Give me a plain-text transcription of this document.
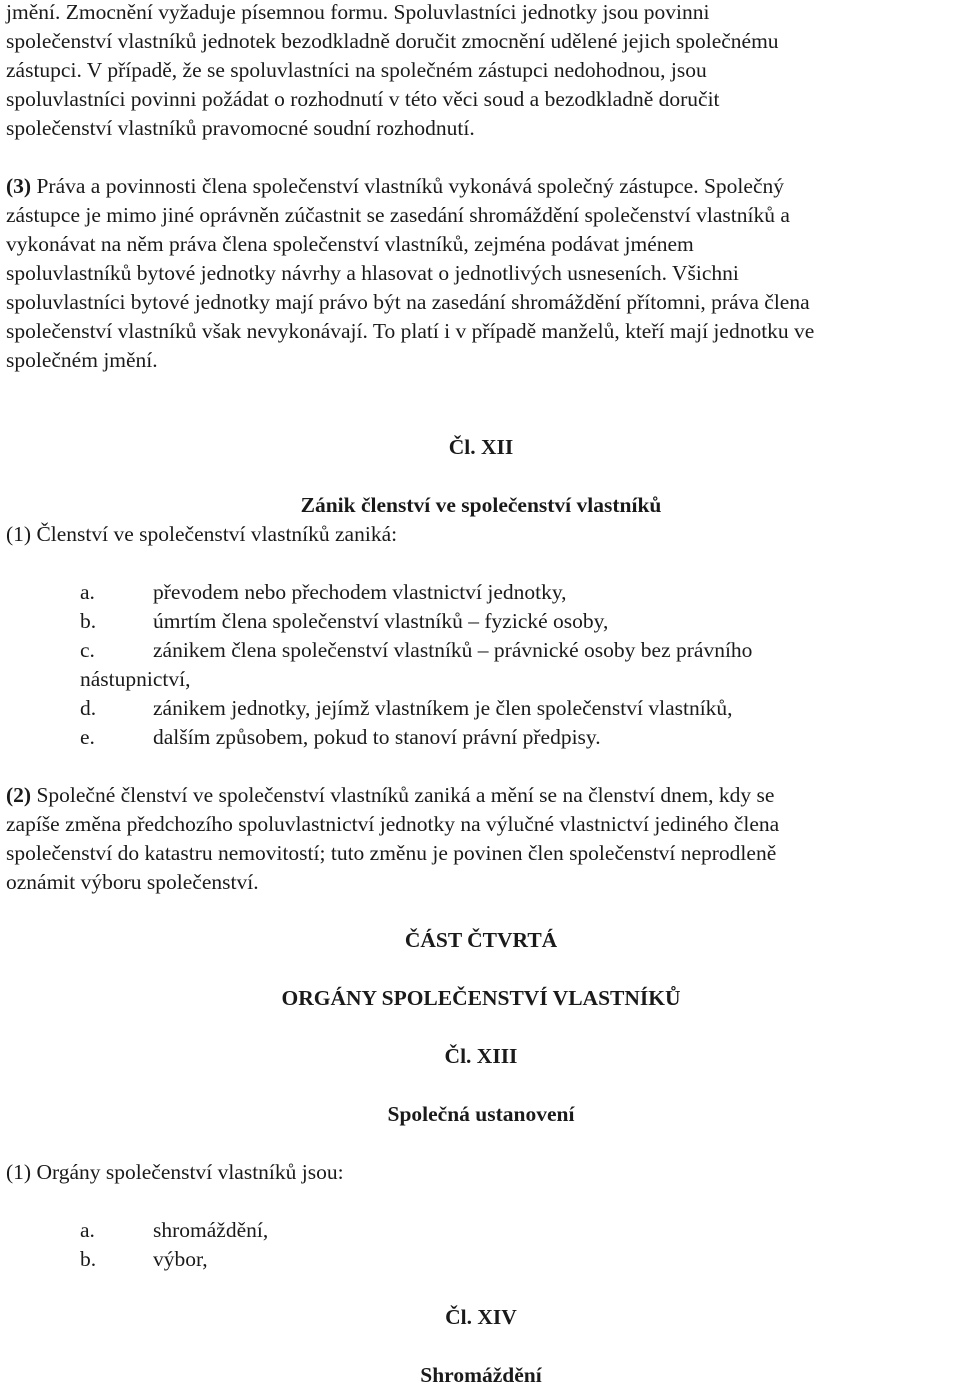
jmění. Zmocnění vyžaduje písemnou formu. Spoluvlastníci jednotky jsou povinni

společenství vlastníků jednotek bezodkladně doručit zmocnění udělené jejich společnému

zástupci. V případě, že se spoluvlastníci na společném zástupci nedohodnou, jsou

spoluvlastníci povinni požádat o rozhodnutí v této věci soud a bezodkladně doručit

společenství vlastníků pravomocné soudní rozhodnutí.

(3) Práva a povinnosti člena společenství vlastníků vykonává společný zástupce. Společný

zástupce je mimo jiné oprávněn zúčastnit se zasedání shromáždění společenství vlastníků a

vykonávat na něm práva člena společenství vlastníků, zejména podávat jménem

spoluvlastníků bytové jednotky návrhy a hlasovat o jednotlivých usneseních. Všichni

spoluvlastníci bytové jednotky mají právo být na zasedání shromáždění přítomni, práva člena

společenství vlastníků však nevykonávají. To platí i v případě manželů, kteří mají jednotku ve

společném jmění.

Čl. XII

Zánik členství ve společenství vlastníků

(1) Členství ve společenství vlastníků zaniká:

a.	převodem nebo přechodem vlastnictví jednotky,
b.	úmrtím člena společenství vlastníků – fyzické osoby,
c.	zánikem člena společenství vlastníků – právnické osoby bez právního
nástupnictví,
d.	zánikem jednotky, jejímž vlastníkem je člen společenství vlastníků,
e.	dalším způsobem, pokud to stanoví právní předpisy.

(2) Společné členství ve společenství vlastníků zaniká a mění se na členství dnem, kdy se

zapíše změna předchozího spoluvlastnictví jednotky na výlučné vlastnictví jediného člena

společenství do katastru nemovitostí; tuto změnu je povinen člen společenství neprodleně

oznámit výboru společenství.

ČÁST ČTVRTÁ

ORGÁNY SPOLEČENSTVÍ VLASTNÍKŮ

Čl. XIII

Společná ustanovení

(1) Orgány společenství vlastníků jsou:

a.	shromáždění,
b.	výbor,

Čl. XIV

Shromáždění
